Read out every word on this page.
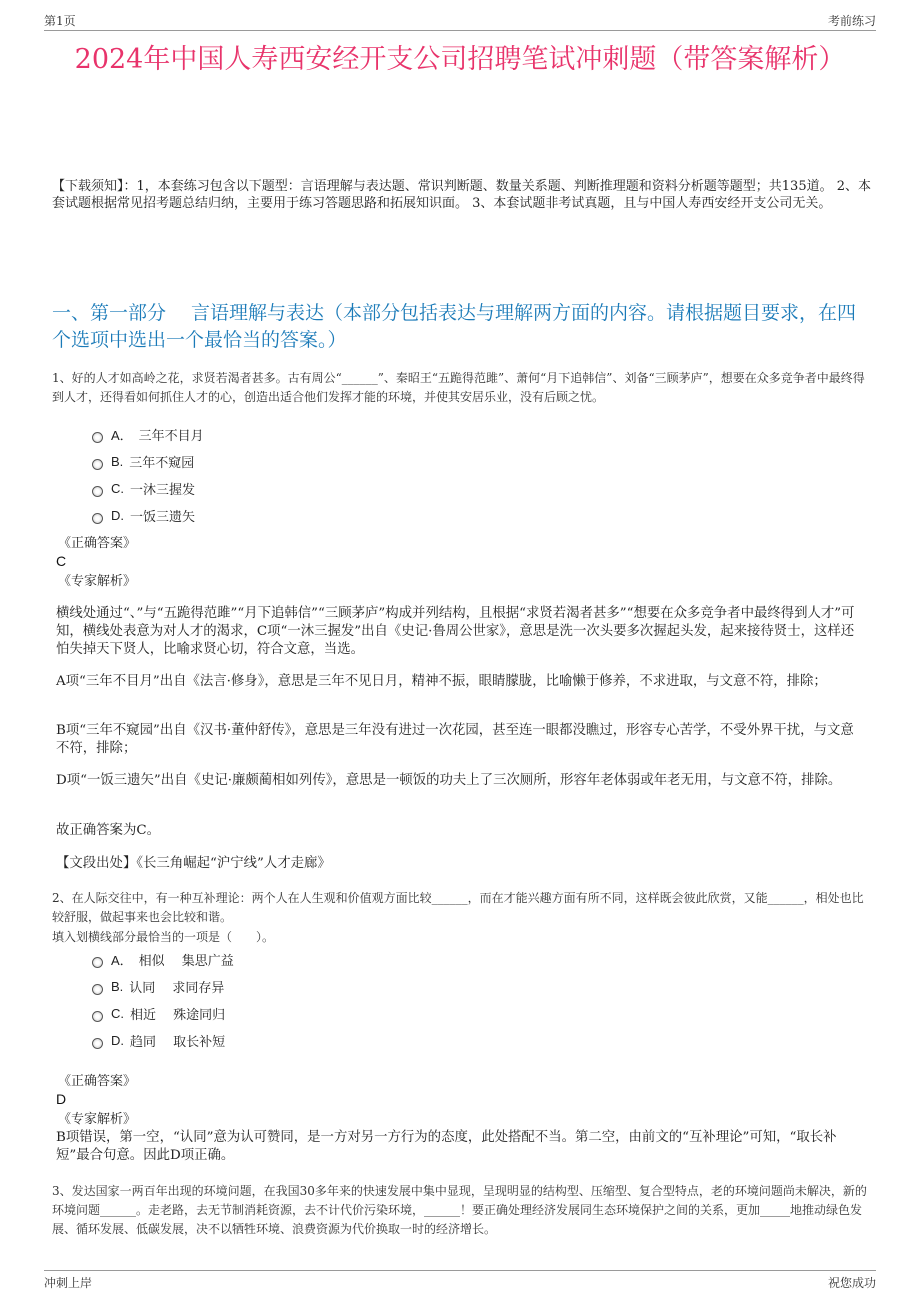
第1页	考前练习
2024年中国人寿西安经开支公司招聘笔试冲刺题（带答案解析）
【下载须知】：1，本套练习包含以下题型：言语理解与表达题、常识判断题、数量关系题、判断推理题和资料分析题等题型；共135道。 2、本套试题根据常见招考题总结归纳，主要用于练习答题思路和拓展知识面。 3、本套试题非考试真题，且与中国人寿西安经开支公司无关。
一、第一部分　 言语理解与表达（本部分包括表达与理解两方面的内容。请根据题目要求，在四个选项中选出一个最恰当的答案。）
1、好的人才如高岭之花，求贤若渴者甚多。古有周公“______”、秦昭王“五跪得范雎”、萧何“月下追韩信”、刘备“三顾茅庐”，想要在众多竞争者中最终得到人才，还得看如何抓住人才的心，创造出适合他们发挥才能的环境，并使其安居乐业，没有后顾之忧。
A． 三年不目月
B. 三年不窥园
C. 一沐三握发
D. 一饭三遗矢
《正确答案》
C
《专家解析》
横线处通过“、”与“五跪得范雎”“月下追韩信”“三顾茅庐”构成并列结构，且根据“求贤若渴者甚多”“想要在众多竞争者中最终得到人才”可知，横线处表意为对人才的渴求，C项“一沐三握发”出自《史记·鲁周公世家》，意思是洗一次头要多次握起头发，起来接待贤士，这样还怕失掉天下贤人，比喻求贤心切，符合文意，当选。
A项“三年不目月”出自《法言·修身》，意思是三年不见日月，精神不振，眼睛朦胧，比喻懒于修养，不求进取，与文意不符，排除；
B项“三年不窥园”出自《汉书·董仲舒传》，意思是三年没有进过一次花园，甚至连一眼都没瞧过，形容专心苦学，不受外界干扰，与文意不符，排除；
D项“一饭三遗矢”出自《史记·廉颇蔺相如列传》，意思是一顿饭的功夫上了三次厕所，形容年老体弱或年老无用，与文意不符，排除。
故正确答案为C。
【文段出处】《长三角崛起“沪宁线”人才走廊》
2、在人际交往中，有一种互补理论：两个人在人生观和价值观方面比较______，而在才能兴趣方面有所不同，这样既会彼此欣赏，又能______，相处也比较舒服，做起事来也会比较和谐。
填入划横线部分最恰当的一项是（　　）。
A． 相似　 集思广益
B. 认同　 求同存异
C. 相近　 殊途同归
D. 趋同　 取长补短
《正确答案》
D
《专家解析》
B项错误，第一空，“认同”意为认可赞同，是一方对另一方行为的态度，此处搭配不当。第二空，由前文的“互补理论”可知，“取长补短”最合句意。因此D项正确。
3、发达国家一两百年出现的环境问题，在我国30多年来的快速发展中集中显现，呈现明显的结构型、压缩型、复合型特点，老的环境问题尚未解决，新的环境问题______。走老路，去无节制消耗资源，去不计代价污染环境，______！要正确处理经济发展同生态环境保护之间的关系，更加_____地推动绿色发展、循环发展、低碳发展，决不以牺牲环境、浪费资源为代价换取一时的经济增长。
冲刺上岸	祝您成功
